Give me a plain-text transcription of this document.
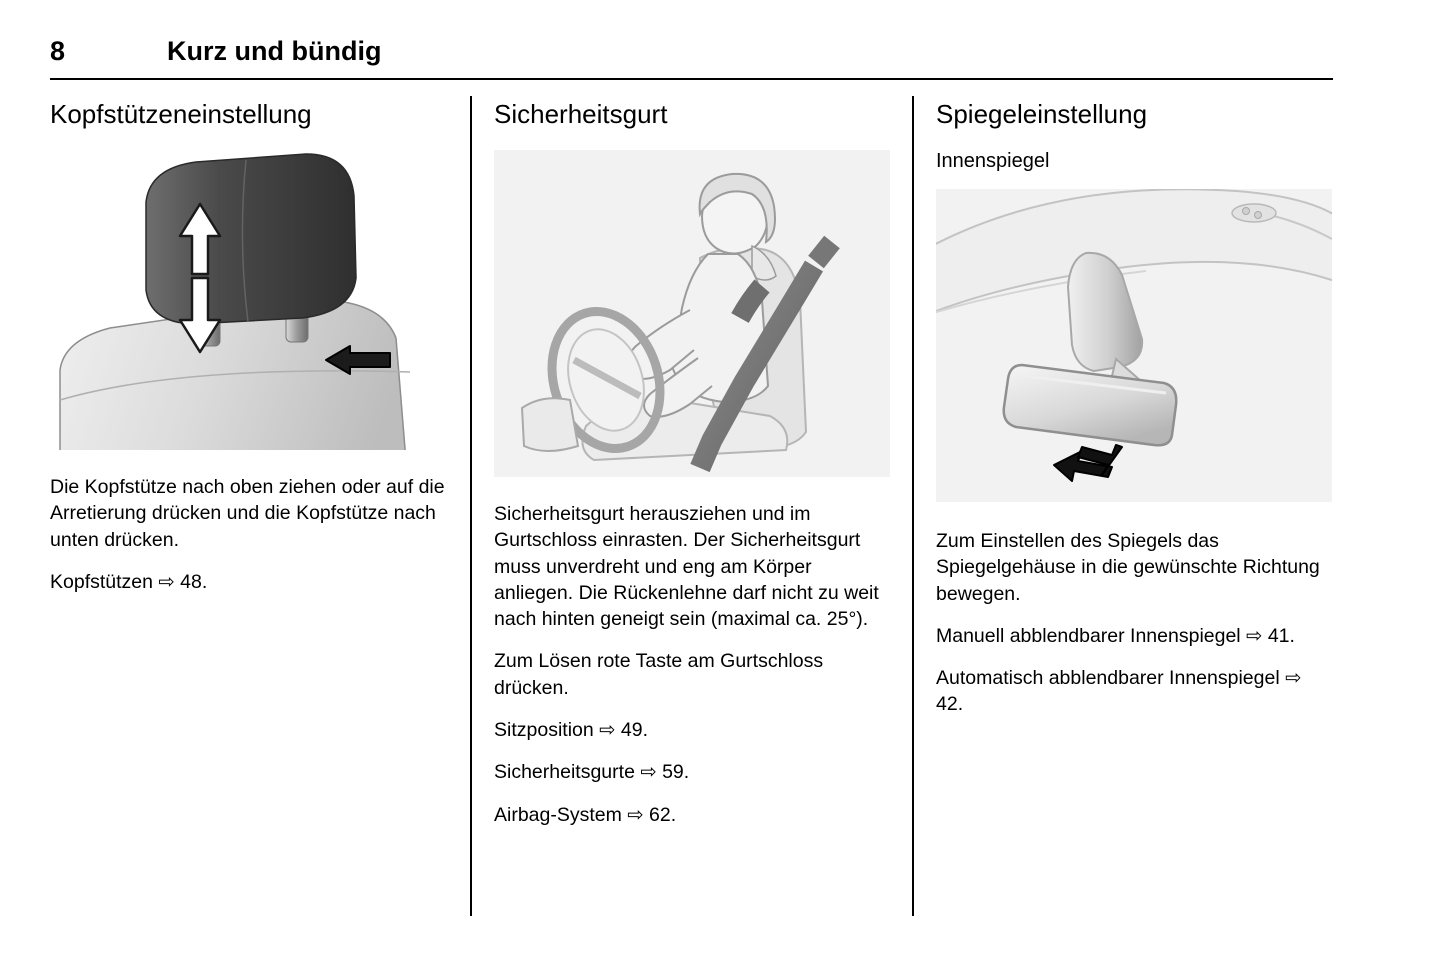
8	Kurz und bündig
Kopfstützeneinstellung

Die Kopfstütze nach oben ziehen oder auf die Arretierung drücken und die Kopfstütze nach unten drücken.

Kopfstützen ⇨ 48.

Sicherheitsgurt

Sicherheitsgurt herausziehen und im Gurtschloss einrasten. Der Sicherheitsgurt muss unverdreht und eng am Körper anliegen. Die Rückenlehne darf nicht zu weit nach hinten geneigt sein (maximal ca. 25°).

Zum Lösen rote Taste am Gurtschloss drücken.

Sitzposition ⇨ 49.

Sicherheitsgurte ⇨ 59.

Airbag-System ⇨ 62.

Spiegeleinstellung
Innenspiegel

Zum Einstellen des Spiegels das Spiegelgehäuse in die gewünschte Richtung bewegen.

Manuell abblendbarer Innenspiegel ⇨ 41.

Automatisch abblendbarer Innenspiegel ⇨ 42.
